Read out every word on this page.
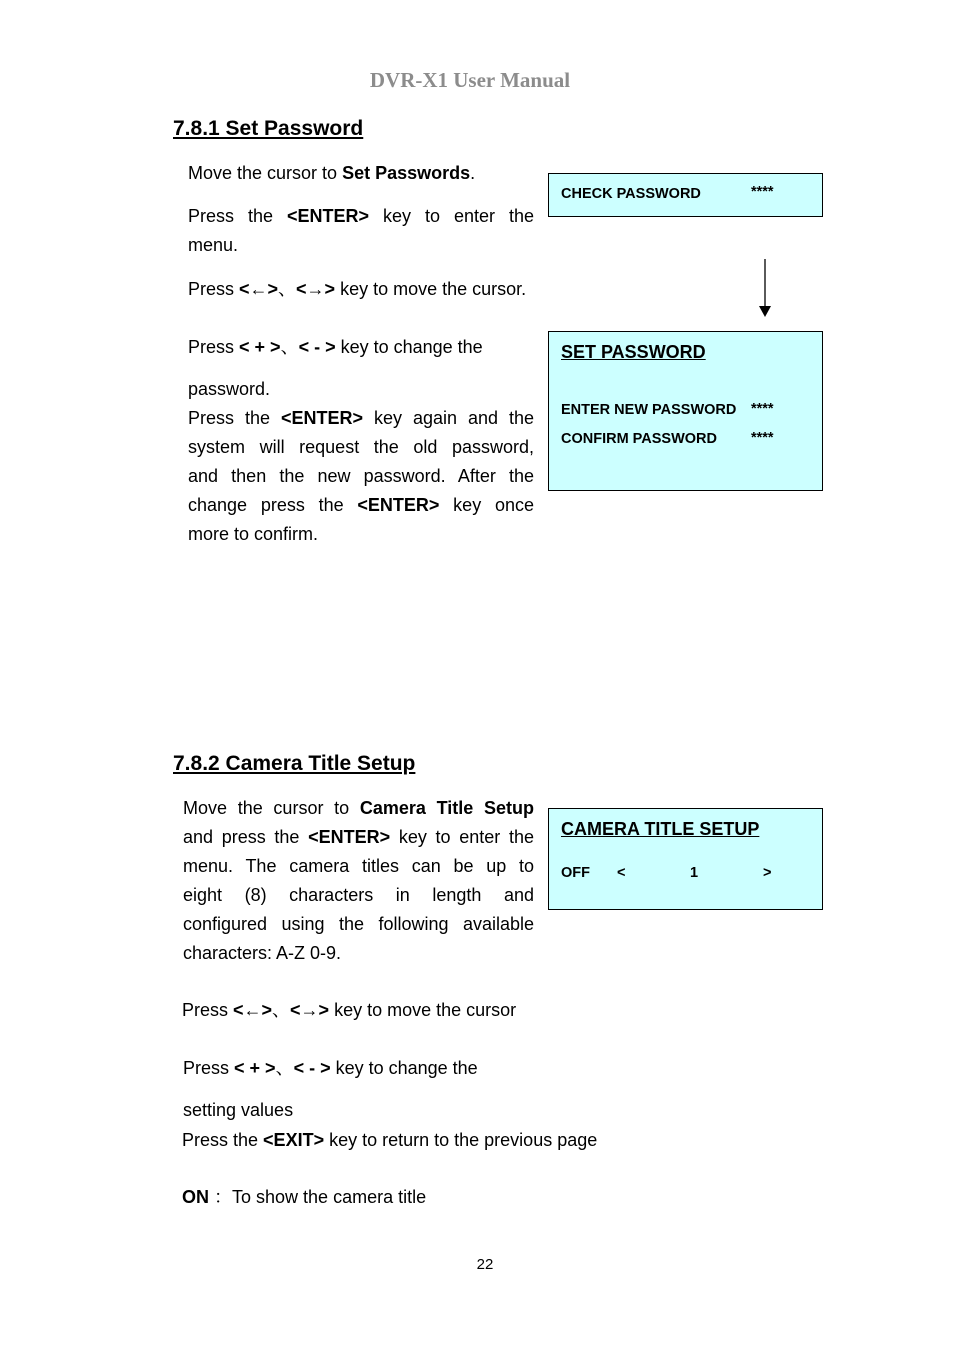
DVR-X1 User Manual
7.8.1 Set Password
Move the cursor to Set Passwords.
Press the <ENTER> key to enter the
menu.
Press <←>、<→> key to move the cursor.
Press < + >、< - > key to change the
password.
Press the <ENTER> key again and the
system will request the old password,
and then the new password. After the
change press the <ENTER> key once
more to confirm.
CHECK PASSWORD	****
SET PASSWORD
ENTER NEW PASSWORD ****
CONFIRM PASSWORD ****
7.8.2 Camera Title Setup
Move the cursor to Camera Title Setup
and press the <ENTER> key to enter the
menu. The camera titles can be up to
eight (8) characters in length and
configured using the following available
characters: A-Z 0-9.
Press <←>、<→> key to move the cursor
Press < + >、< - > key to change the
setting values
Press the <EXIT> key to return to the previous page
ON ：To show the camera title
CAMERA TITLE SETUP
OFF <	1	>
22
